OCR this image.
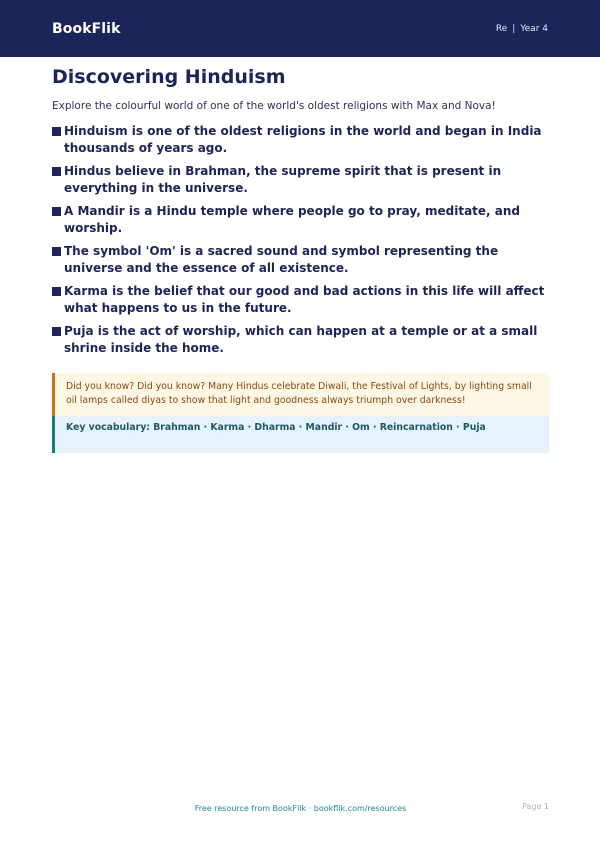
BookFlik	Re | Year 4
Discovering Hinduism

Explore the colourful world of one of the world's oldest religions with Max and Nova!

Hinduism is one of the oldest religions in the world and began in India thousands of years ago.
Hindus believe in Brahman, the supreme spirit that is present in everything in the universe.
A Mandir is a Hindu temple where people go to pray, meditate, and worship.
The symbol 'Om' is a sacred sound and symbol representing the universe and the essence of all existence.
Karma is the belief that our good and bad actions in this life will affect what happens to us in the future.
Puja is the act of worship, which can happen at a temple or at a small shrine inside the home.
Did you know? Did you know? Many Hindus celebrate Diwali, the Festival of Lights, by lighting small oil lamps called diyas to show that light and goodness always triumph over darkness!
Key vocabulary: Brahman · Karma · Dharma · Mandir · Om · Reincarnation · Puja
Free resource from BookFlik · bookflik.com/resources	Page 1
